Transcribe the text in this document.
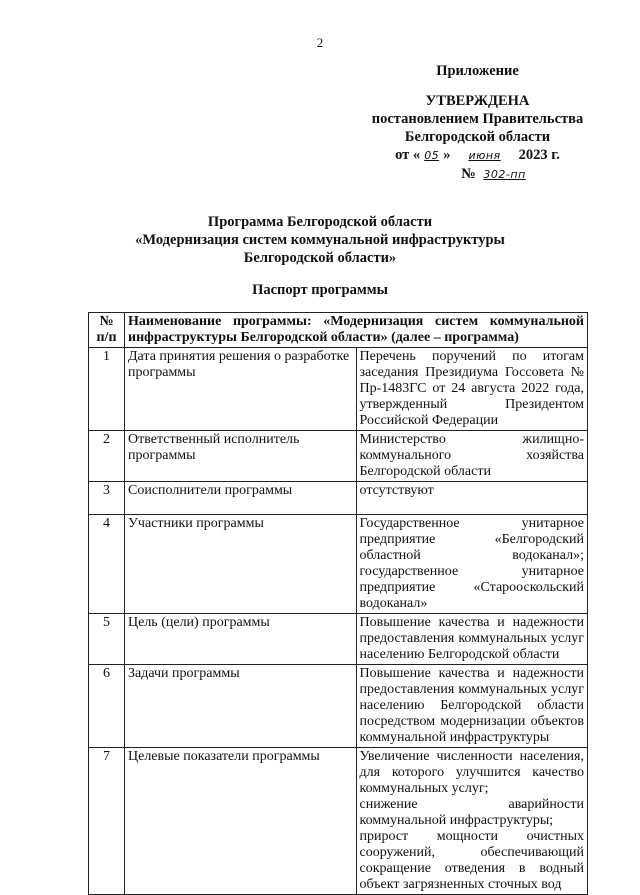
2
Приложение
УТВЕРЖДЕНА
постановлением Правительства
Белгородской области
от « 05 » июня 2023 г.
№ 302-пп
Программа Белгородской области
«Модернизация систем коммунальной инфраструктуры
Белгородской области»
Паспорт программы
№ п/п	Наименование программы: «Модернизация систем коммунальной инфраструктуры Белгородской области» (далее – программа)	
1	Дата принятия решения о разработке программы	Перечень поручений по итогам заседания Президиума Госсовета № Пр-1483ГС от 24 августа 2022 года, утвержденный Президентом Российской Федерации
2	Ответственный исполнитель программы	Министерство жилищно-коммунального хозяйства Белгородской области
3	Соисполнители программы	отсутствуют
4	Участники программы	Государственное унитарное предприятие «Белгородский областной водоканал»; государственное унитарное предприятие «Старооскольский водоканал»
5	Цель (цели) программы	Повышение качества и надежности предоставления коммунальных услуг населению Белгородской области
6	Задачи программы	Повышение качества и надежности предоставления коммунальных услуг населению Белгородской области посредством модернизации объектов коммунальной инфраструктуры
7	Целевые показатели программы	Увеличение численности населения, для которого улучшится качество коммунальных услуг;
снижение аварийности коммунальной инфраструктуры;
прирост мощности очистных сооружений, обеспечивающий сокращение отведения в водный объект загрязненных сточных вод
